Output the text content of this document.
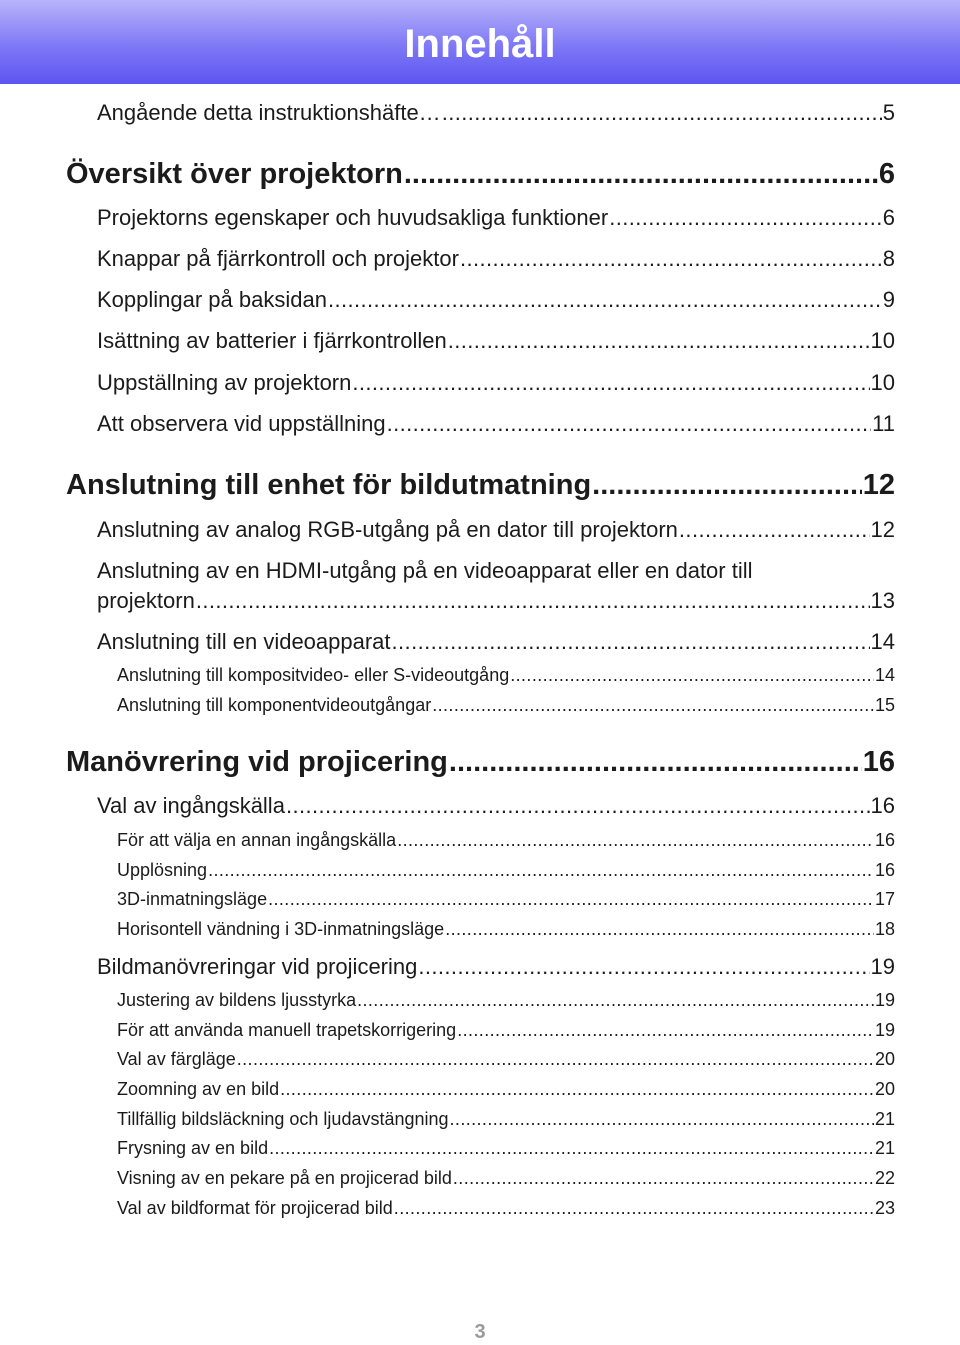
Innehåll
Angående detta instruktionshäfte… .....	5
Översikt över projektorn .....	6
Projektorns egenskaper och huvudsakliga funktioner .....	6
Knappar på fjärrkontroll och projektor .....	8
Kopplingar på baksidan .....	9
Isättning av batterier i fjärrkontrollen .....	10
Uppställning av projektorn .....	10
Att observera vid uppställning .....	11
Anslutning till enhet för bildutmatning .....	12
Anslutning av analog RGB-utgång på en dator till projektorn .....	12
Anslutning av en HDMI-utgång på en videoapparat eller en dator till
projektorn .....	13
Anslutning till en videoapparat .....	14
Anslutning till kompositvideo- eller S-videoutgång .....	14
Anslutning till komponentvideoutgångar .....	15
Manövrering vid projicering .....	16
Val av ingångskälla .....	16
För att välja en annan ingångskälla .....	16
Upplösning .....	16
3D-inmatningsläge .....	17
Horisontell vändning i 3D-inmatningsläge .....	18
Bildmanövreringar vid projicering .....	19
Justering av bildens ljusstyrka .....	19
För att använda manuell trapetskorrigering .....	19
Val av färgläge .....	20
Zoomning av en bild .....	20
Tillfällig bildsläckning och ljudavstängning .....	21
Frysning av en bild .....	21
Visning av en pekare på en projicerad bild .....	22
Val av bildformat för projicerad bild .....	23
3
